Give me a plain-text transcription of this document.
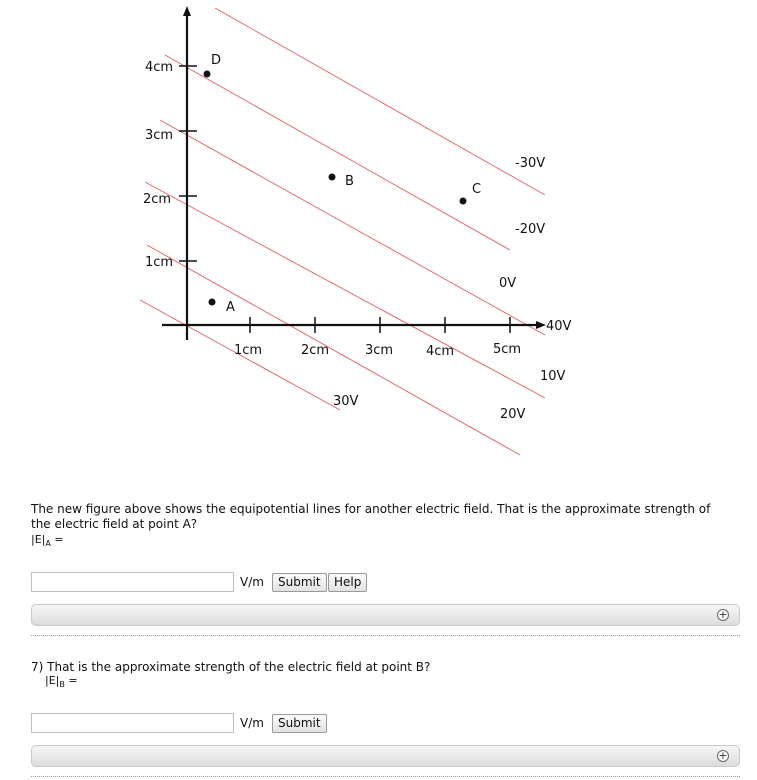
1cm	2cm	3cm	4cm	5cm
1cm
2cm
3cm
4cm
A
B
C
D
-30V
-20V
0V
40V
10V
20V
30V
The new figure above shows the equipotential lines for another electric field. That is the approximate strength of the electric field at point A?
$|E|_A$ =
V/m	Submit	Help
+
7) That is the approximate strength of the electric field at point B?
$|E|_B$ =
V/m	Submit
+
